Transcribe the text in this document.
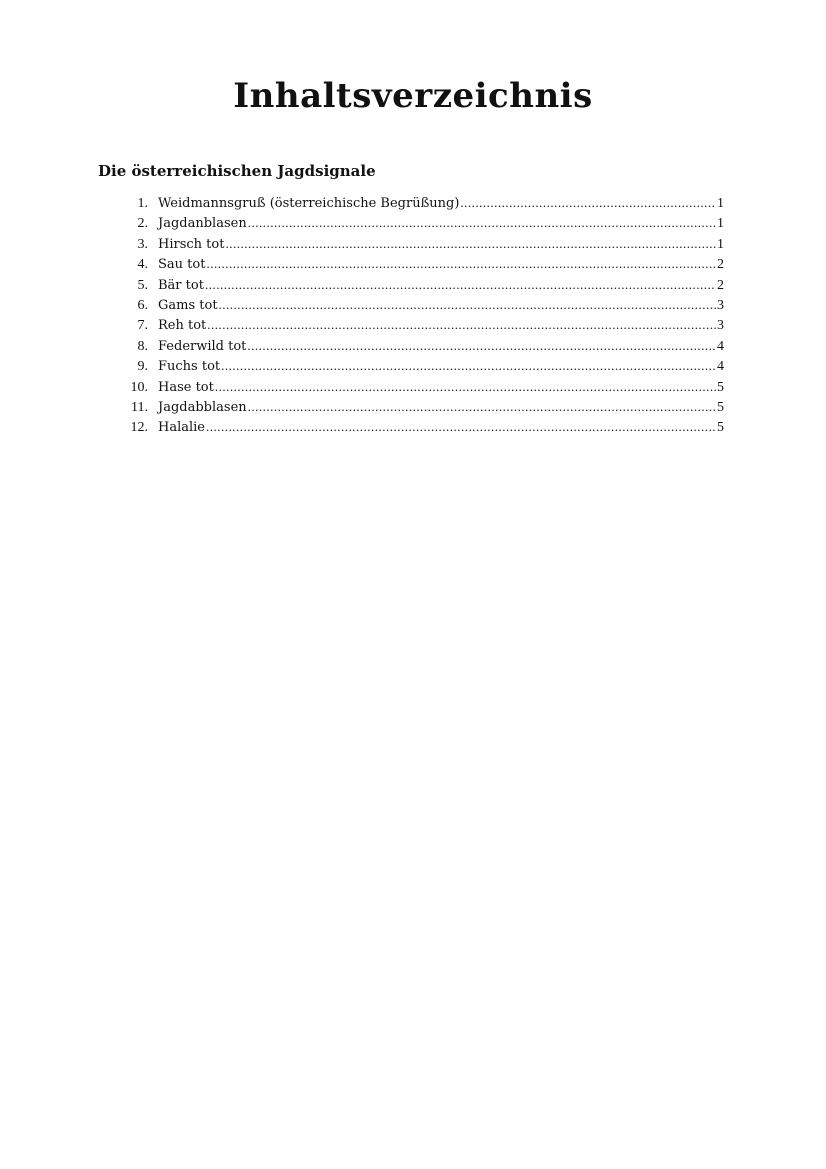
Inhaltsverzeichnis
Die österreichischen Jagdsignale
1. Weidmannsgruß (österreichische Begrüßung) .....	1
2. Jagdanblasen .....	1
3. Hirsch tot .....	1
4. Sau tot .....	2
5. Bär tot .....	2
6. Gams tot .....	3
7. Reh tot .....	3
8. Federwild tot .....	4
9. Fuchs tot .....	4
10. Hase tot .....	5
11. Jagdabblasen .....	5
12. Halalie .....	5
